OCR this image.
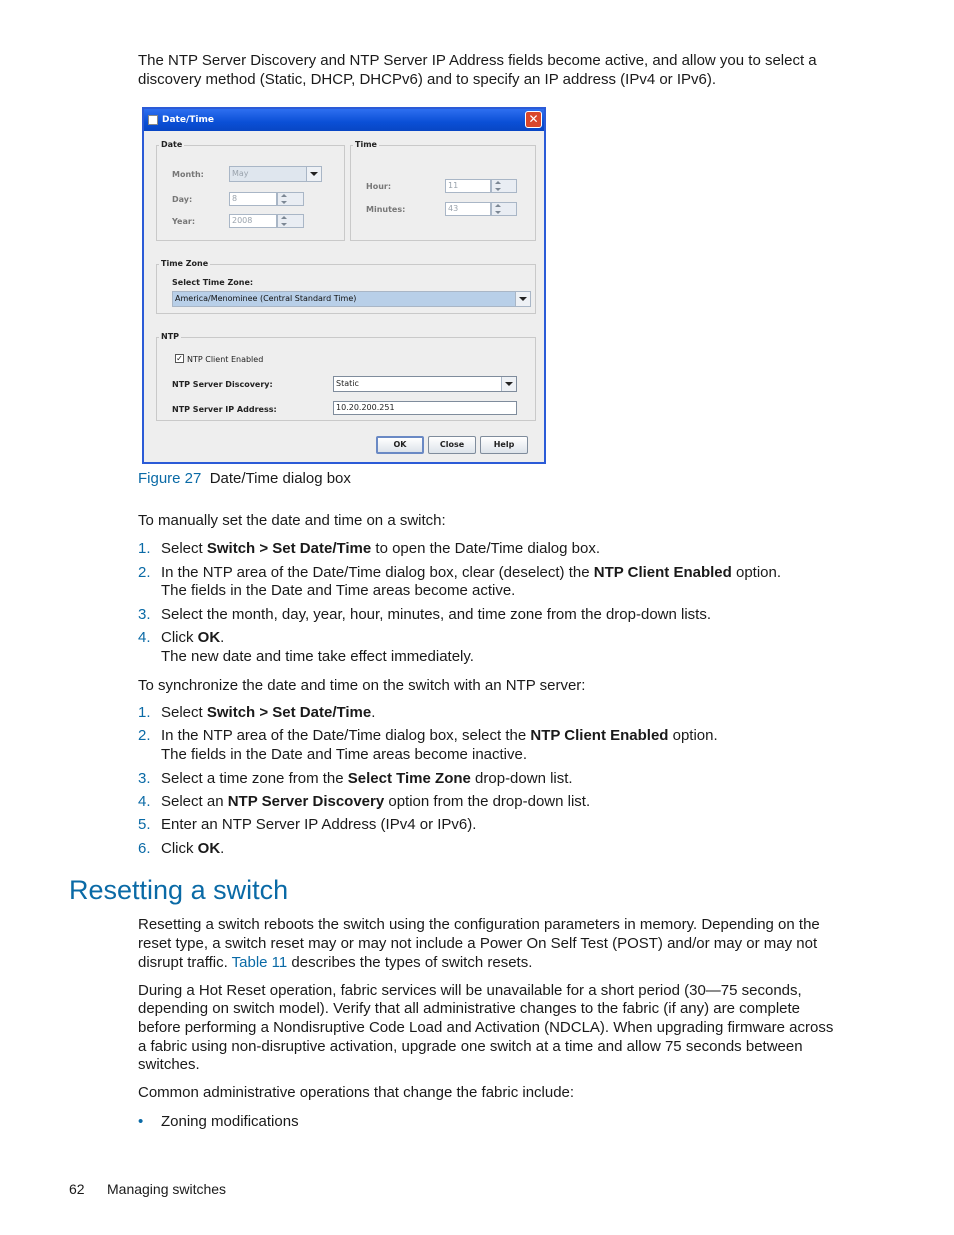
The NTP Server Discovery and NTP Server IP Address fields become active, and allow you to select a
discovery method (Static, DHCP, DHCPv6) and to specify an IP address (IPv4 or IPv6).
Date/Time	✕
Date
Month:	May
Day:	8
Year:	2008
Time
Hour:	11
Minutes:	43
Time Zone
Select Time Zone:
America/Menominee (Central Standard Time)
NTP
✓ NTP Client Enabled
NTP Server Discovery:	Static
NTP Server IP Address:	10.20.200.251
OK	Close	Help
Figure 27 Date/Time dialog box
To manually set the date and time on a switch:
1. Select Switch > Set Date/Time to open the Date/Time dialog box.
2. In the NTP area of the Date/Time dialog box, clear (deselect) the NTP Client Enabled option.
The fields in the Date and Time areas become active.
3. Select the month, day, year, hour, minutes, and time zone from the drop-down lists.
4. Click OK.
The new date and time take effect immediately.
To synchronize the date and time on the switch with an NTP server:
1. Select Switch > Set Date/Time.
2. In the NTP area of the Date/Time dialog box, select the NTP Client Enabled option.
The fields in the Date and Time areas become inactive.
3. Select a time zone from the Select Time Zone drop-down list.
4. Select an NTP Server Discovery option from the drop-down list.
5. Enter an NTP Server IP Address (IPv4 or IPv6).
6. Click OK.
Resetting a switch
Resetting a switch reboots the switch using the configuration parameters in memory. Depending on the
reset type, a switch reset may or may not include a Power On Self Test (POST) and/or may or may not
disrupt traffic. Table 11 describes the types of switch resets.
During a Hot Reset operation, fabric services will be unavailable for a short period (30—75 seconds,
depending on switch model). Verify that all administrative changes to the fabric (if any) are complete
before performing a Nondisruptive Code Load and Activation (NDCLA). When upgrading firmware across
a fabric using non-disruptive activation, upgrade one switch at a time and allow 75 seconds between
switches.
Common administrative operations that change the fabric include:
• Zoning modifications
62 Managing switches
